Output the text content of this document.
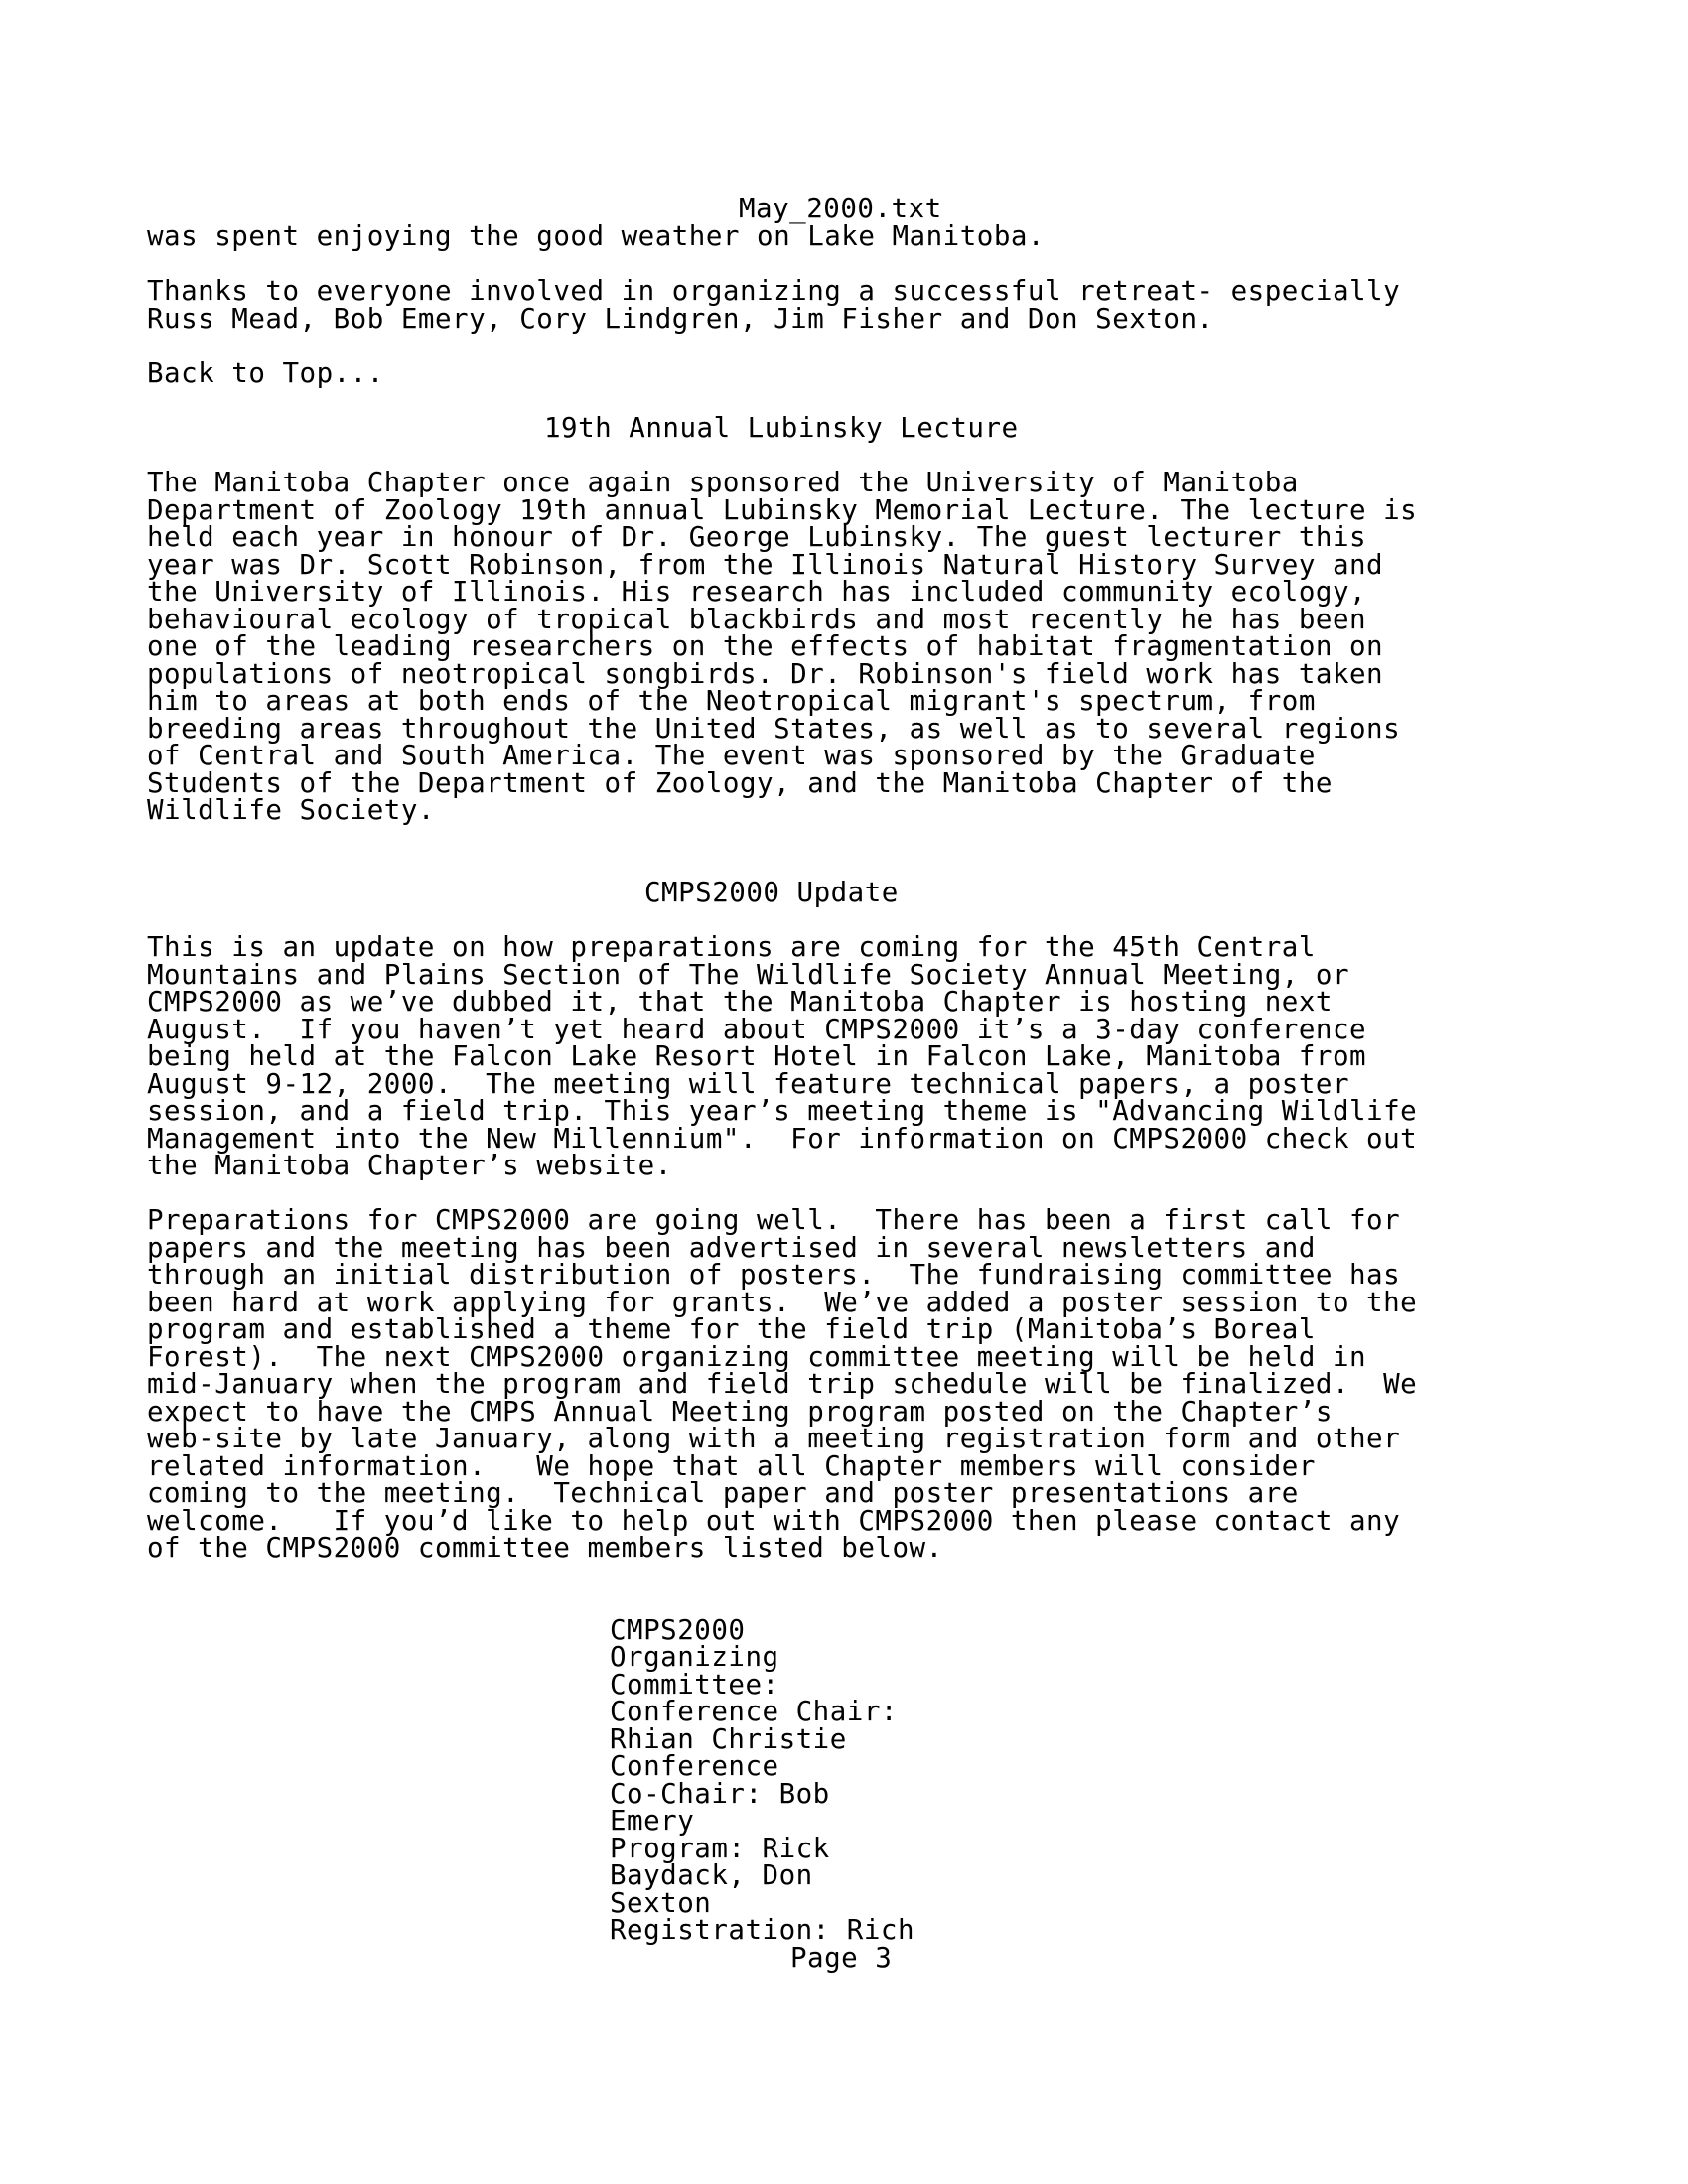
May_2000.txt
was spent enjoying the good weather on Lake Manitoba.
Thanks to everyone involved in organizing a successful retreat- especially
Russ Mead, Bob Emery, Cory Lindgren, Jim Fisher and Don Sexton.
Back to Top...
19th Annual Lubinsky Lecture
The Manitoba Chapter once again sponsored the University of Manitoba
Department of Zoology 19th annual Lubinsky Memorial Lecture. The lecture is
held each year in honour of Dr. George Lubinsky. The guest lecturer this
year was Dr. Scott Robinson, from the Illinois Natural History Survey and
the University of Illinois. His research has included community ecology,
behavioural ecology of tropical blackbirds and most recently he has been
one of the leading researchers on the effects of habitat fragmentation on
populations of neotropical songbirds. Dr. Robinson's field work has taken
him to areas at both ends of the Neotropical migrant's spectrum, from
breeding areas throughout the United States, as well as to several regions
of Central and South America. The event was sponsored by the Graduate
Students of the Department of Zoology, and the Manitoba Chapter of the
Wildlife Society.
CMPS2000 Update
This is an update on how preparations are coming for the 45th Central
Mountains and Plains Section of The Wildlife Society Annual Meeting, or
CMPS2000 as we’ve dubbed it, that the Manitoba Chapter is hosting next
August.  If you haven’t yet heard about CMPS2000 it’s a 3-day conference
being held at the Falcon Lake Resort Hotel in Falcon Lake, Manitoba from
August 9-12, 2000.  The meeting will feature technical papers, a poster
session, and a field trip. This year’s meeting theme is "Advancing Wildlife
Management into the New Millennium".  For information on CMPS2000 check out
the Manitoba Chapter’s website.
Preparations for CMPS2000 are going well.  There has been a first call for
papers and the meeting has been advertised in several newsletters and
through an initial distribution of posters.  The fundraising committee has
been hard at work applying for grants.  We’ve added a poster session to the
program and established a theme for the field trip (Manitoba’s Boreal
Forest).  The next CMPS2000 organizing committee meeting will be held in
mid-January when the program and field trip schedule will be finalized.  We
expect to have the CMPS Annual Meeting program posted on the Chapter’s
web-site by late January, along with a meeting registration form and other
related information.   We hope that all Chapter members will consider
coming to the meeting.  Technical paper and poster presentations are
welcome.   If you’d like to help out with CMPS2000 then please contact any
of the CMPS2000 committee members listed below.
CMPS2000
Organizing
Committee:
Conference Chair:
Rhian Christie
Conference
Co-Chair: Bob
Emery
Program: Rick
Baydack, Don
Sexton
Registration: Rich
Page 3
